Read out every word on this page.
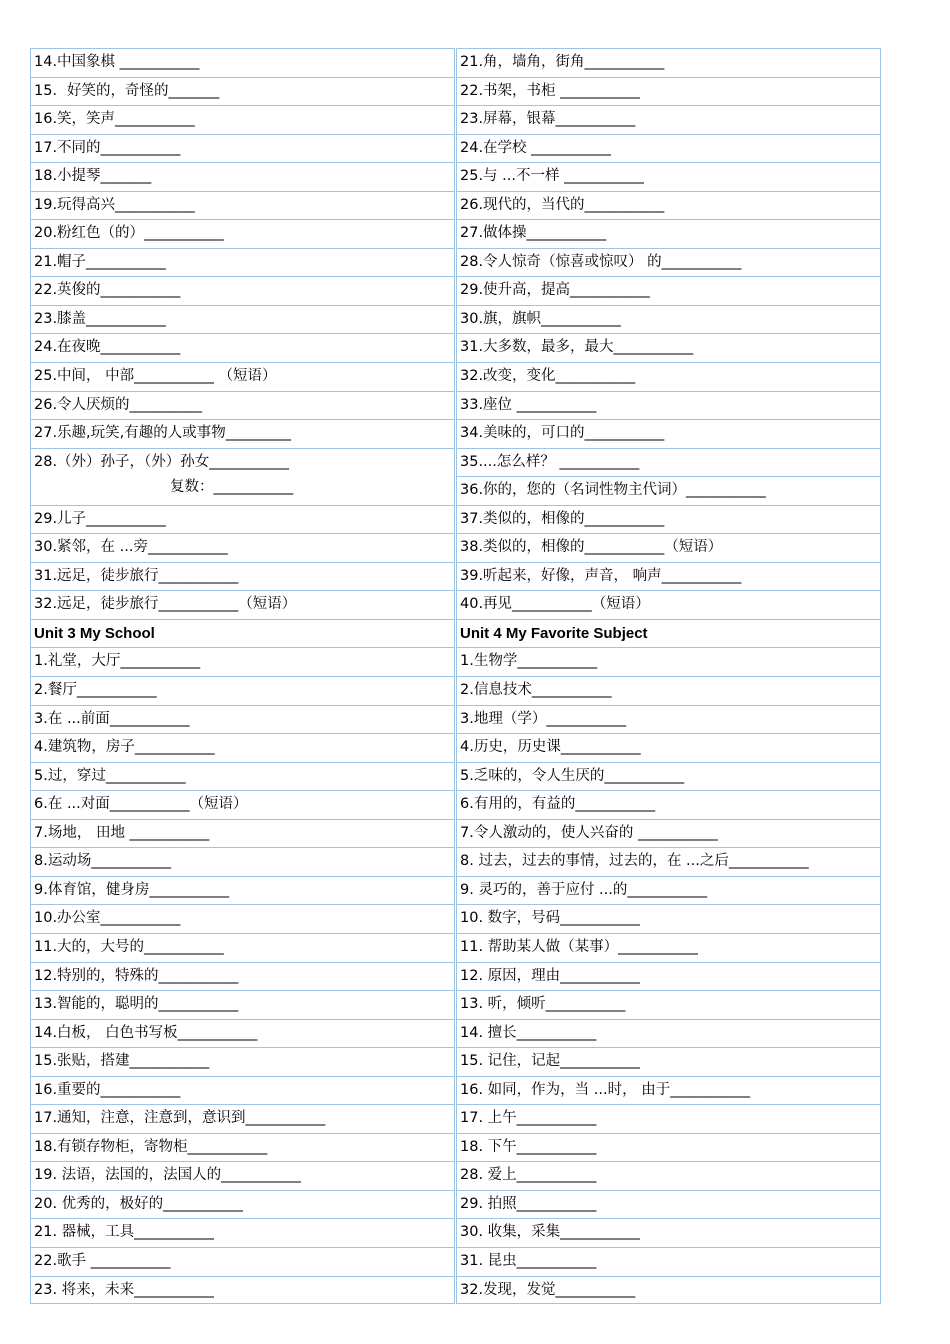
14.中国象棋 ___________
15．好笑的，奇怪的_______
16.笑，笑声___________
17.不同的___________
18.小提琴_______
19.玩得高兴___________
20.粉红色（的）___________
21.帽子___________
22.英俊的___________
23.膝盖___________
24.在夜晚___________
25.中间， 中部___________ （短语）
26.令人厌烦的__________
27.乐趣,玩笑,有趣的人或事物_________
28.（外）孙子，（外）孙女___________
复数：___________
29.儿子___________
30.紧邻，在 ...旁___________
31.远足，徒步旅行___________
32.远足，徒步旅行___________（短语）
Unit 3 My School
1.礼堂，大厅___________
2.餐厅___________
3.在 ...前面___________
4.建筑物，房子___________
5.过，穿过___________
6.在 ...对面___________（短语）
7.场地， 田地 ___________
8.运动场___________
9.体育馆，健身房___________
10.办公室___________
11.大的，大号的___________
12.特别的，特殊的___________
13.智能的，聪明的___________
14.白板， 白色书写板___________
15.张贴，搭建___________
16.重要的___________
17.通知，注意，注意到，意识到___________
18.有锁存物柜，寄物柜___________
19. 法语，法国的，法国人的___________
20. 优秀的，极好的___________
21. 器械，工具___________
22.歌手 ___________
23. 将来，未来___________
21.角，墙角，街角___________
22.书架，书柜 ___________
23.屏幕，银幕___________
24.在学校 ___________
25.与 ...不一样 ___________
26.现代的，当代的___________
27.做体操___________
28.令人惊奇（惊喜或惊叹） 的___________
29.使升高，提高___________
30.旗，旗帜___________
31.大多数，最多，最大___________
32.改变，变化___________
33.座位 ___________
34.美味的，可口的___________
35....怎么样？ ___________
36.你的，您的（名词性物主代词）___________
37.类似的，相像的___________
38.类似的，相像的___________（短语）
39.听起来，好像，声音， 响声___________
40.再见___________（短语）
Unit 4 My Favorite Subject
1.生物学___________
2.信息技术___________
3.地理（学）___________
4.历史，历史课___________
5.乏味的，令人生厌的___________
6.有用的，有益的___________
7.令人激动的，使人兴奋的 ___________
8. 过去，过去的事情，过去的，在 ...之后___________
9. 灵巧的，善于应付 ...的___________
10. 数字，号码___________
11. 帮助某人做（某事）___________
12. 原因，理由___________
13. 听，倾听___________
14. 擅长___________
15. 记住，记起___________
16. 如同，作为，当 ...时， 由于___________
17. 上午___________
18. 下午___________
28. 爱上___________
29. 拍照___________
30. 收集，采集___________
31. 昆虫___________
32.发现，发觉___________
